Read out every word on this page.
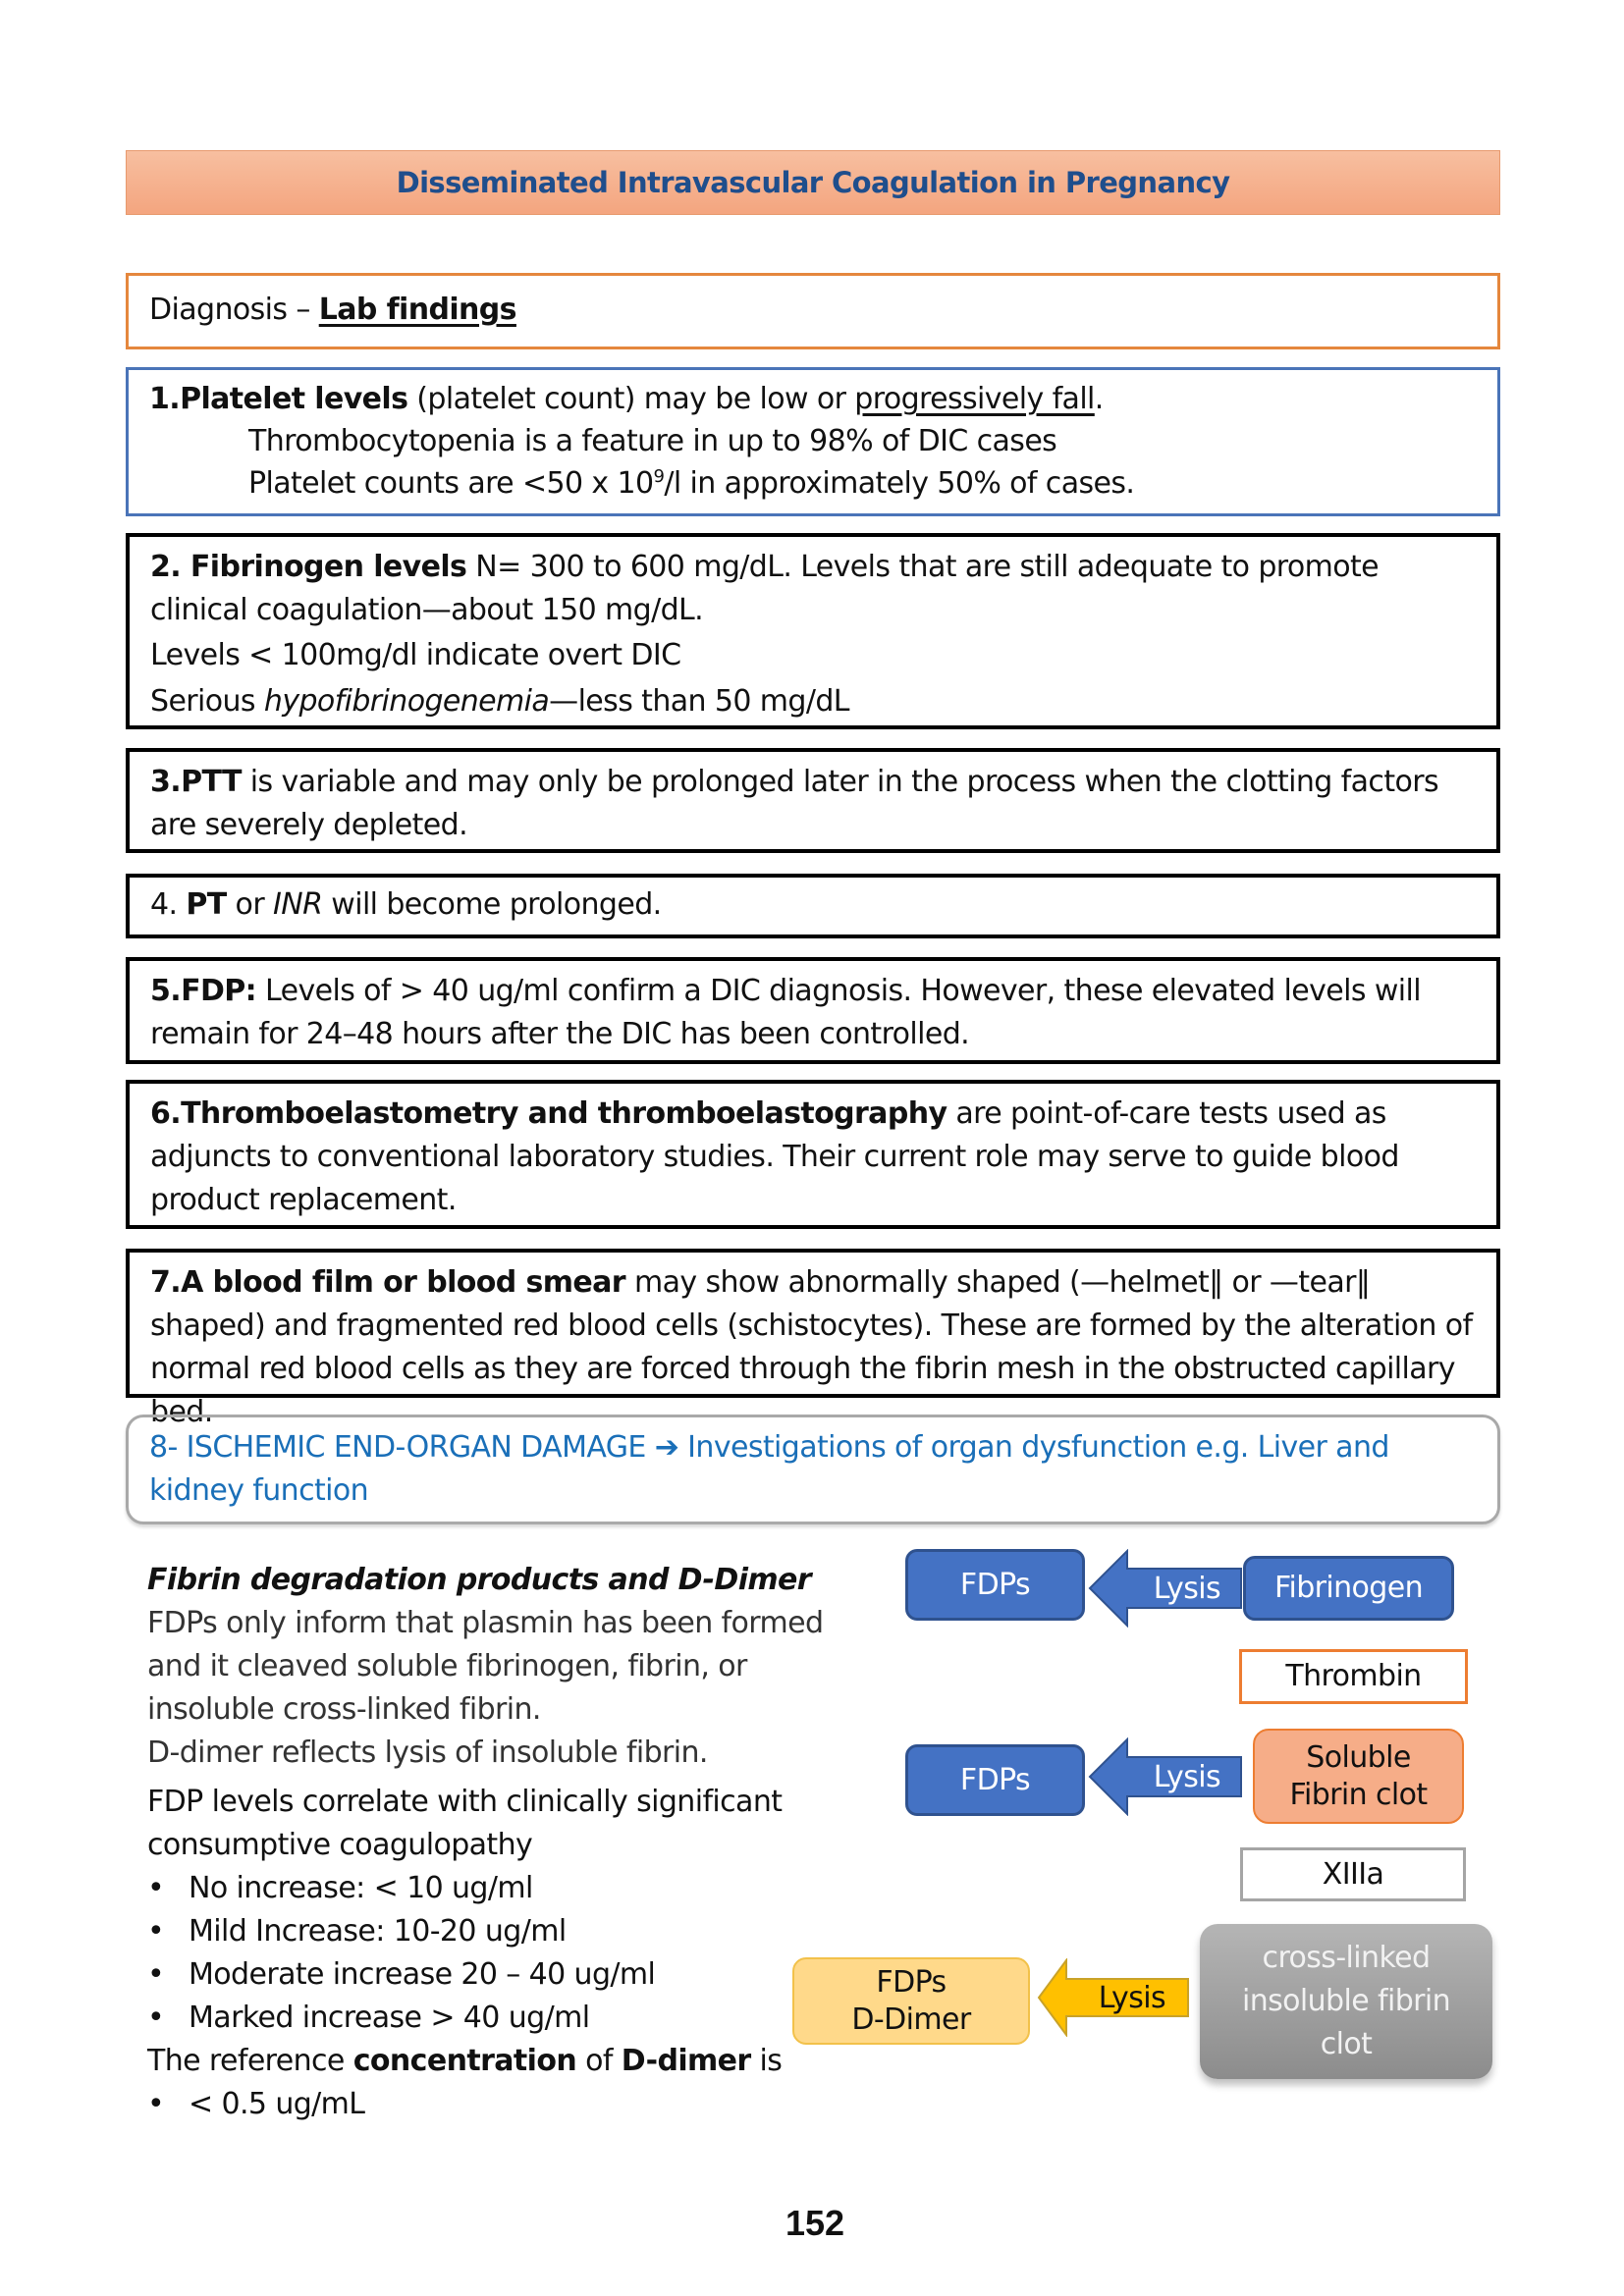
Disseminated Intravascular Coagulation in Pregnancy
Diagnosis – Lab findings
1.Platelet levels (platelet count) may be low or progressively fall.
Thrombocytopenia is a feature in up to 98% of DIC cases
Platelet counts are <50 x $10^9/l$ in approximately 50% of cases.
2. Fibrinogen levels N= 300 to 600 mg/dL. Levels that are still adequate to promote clinical coagulation—about 150 mg/dL.
Levels < 100mg/dl indicate overt DIC
Serious hypofibrinogenemia—less than 50 mg/dL
3.PTT is variable and may only be prolonged later in the process when the clotting factors are severely depleted.
4. PT or INR will become prolonged.
5.FDP: Levels of > 40 ug/ml confirm a DIC diagnosis. However, these elevated levels will remain for 24–48 hours after the DIC has been controlled.
6.Thromboelastometry and thromboelastography are point-of-care tests used as adjuncts to conventional laboratory studies. Their current role may serve to guide blood product replacement.
7.A blood film or blood smear may show abnormally shaped (—helmet‖ or —tear‖ shaped) and fragmented red blood cells (schistocytes). These are formed by the alteration of normal red blood cells as they are forced through the fibrin mesh in the obstructed capillary bed.
8- ISCHEMIC END-ORGAN DAMAGE ➔ Investigations of organ dysfunction e.g. Liver and kidney function

Fibrin degradation products and D-Dimer

FDPs only inform that plasmin has been formed and it cleaved soluble fibrinogen, fibrin, or insoluble cross-linked fibrin.

D-dimer reflects lysis of insoluble fibrin.

FDP levels correlate with clinically significant consumptive coagulopathy

• No increase: < 10 ug/ml
• Mild Increase: 10-20 ug/ml
• Moderate increase 20 – 40 ug/ml
• Marked increase > 40 ug/ml

The reference concentration of D-dimer is

• < 0.5 ug/mL
FDPs	Lysis	Fibrinogen
Thrombin
FDPs	Lysis
Soluble
Fibrin clot
XIIIa
FDPs
D-Dimer
Lysis
cross-linked
insoluble fibrin
clot
152
